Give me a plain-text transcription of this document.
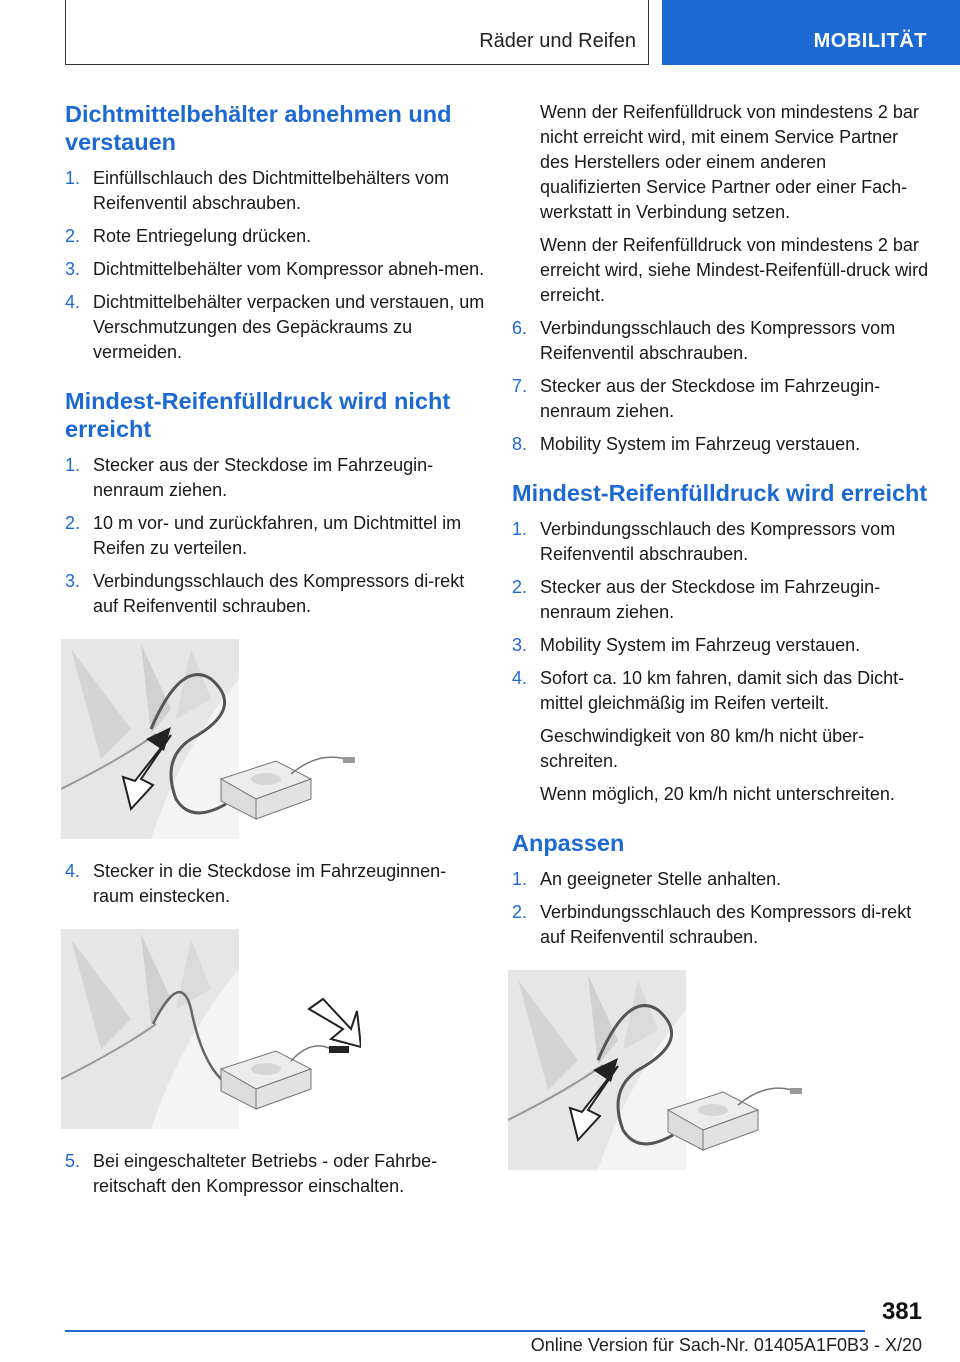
Räder und Reifen	MOBILITÄT
Dichtmittelbehälter abnehmen und verstauen
1. Einfüllschlauch des Dichtmittelbehälters vom Reifenventil abschrauben.
2. Rote Entriegelung drücken.
3. Dichtmittelbehälter vom Kompressor abneh-men.
4. Dichtmittelbehälter verpacken und verstauen, um Verschmutzungen des Gepäckraums zu vermeiden.
Mindest-Reifenfülldruck wird nicht erreicht
1. Stecker aus der Steckdose im Fahrzeugin-nenraum ziehen.
2. 10 m vor- und zurückfahren, um Dichtmittel im Reifen zu verteilen.
3. Verbindungsschlauch des Kompressors di-rekt auf Reifenventil schrauben.
4. Stecker in die Steckdose im Fahrzeuginnen-raum einstecken.
5. Bei eingeschalteter Betriebs - oder Fahrbe-reitschaft den Kompressor einschalten.
Wenn der Reifenfülldruck von mindestens 2 bar nicht erreicht wird, mit einem Service Partner des Herstellers oder einem anderen qualifizierten Service Partner oder einer Fach-werkstatt in Verbindung setzen.
Wenn der Reifenfülldruck von mindestens 2 bar erreicht wird, siehe Mindest-Reifenfüll-druck wird erreicht.
6. Verbindungsschlauch des Kompressors vom Reifenventil abschrauben.
7. Stecker aus der Steckdose im Fahrzeugin-nenraum ziehen.
8. Mobility System im Fahrzeug verstauen.
Mindest-Reifenfülldruck wird erreicht
1. Verbindungsschlauch des Kompressors vom Reifenventil abschrauben.
2. Stecker aus der Steckdose im Fahrzeugin-nenraum ziehen.
3. Mobility System im Fahrzeug verstauen.
4. Sofort ca. 10 km fahren, damit sich das Dicht-mittel gleichmäßig im Reifen verteilt.
Geschwindigkeit von 80 km/h nicht über-schreiten.
Wenn möglich, 20 km/h nicht unterschreiten.
Anpassen
1. An geeigneter Stelle anhalten.
2. Verbindungsschlauch des Kompressors di-rekt auf Reifenventil schrauben.
381
Online Version für Sach-Nr. 01405A1F0B3 - X/20
